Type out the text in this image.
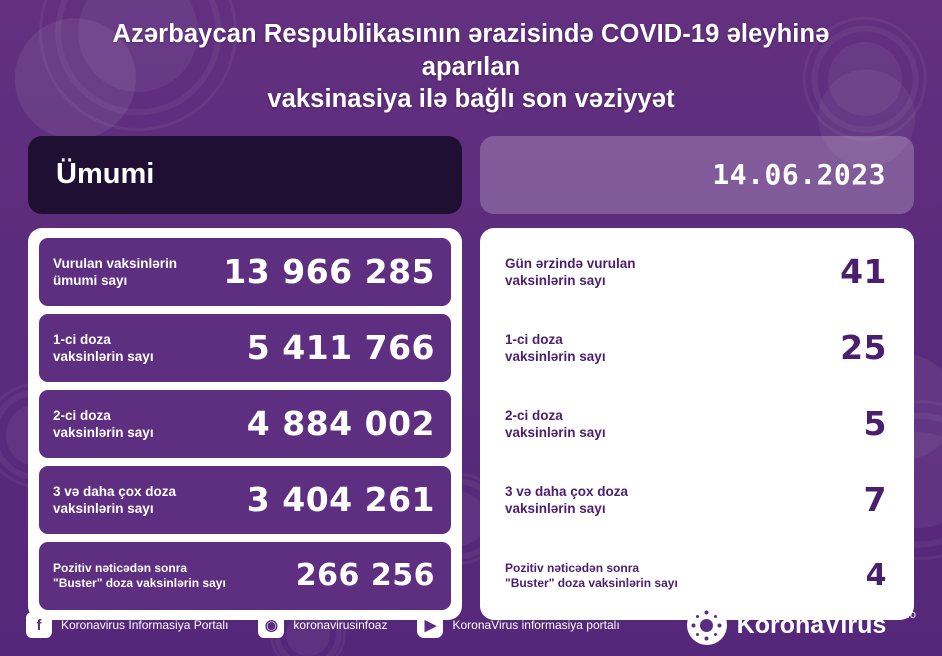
Azərbaycan Respublikasının ərazisində COVID-19 əleyhinə aparılan
vaksinasiya ilə bağlı son vəziyyət
Ümumi
Vurulan vaksinlərin
ümumi sayı	13 966 285
1-ci doza
vaksinlərin sayı	5 411 766
2-ci doza
vaksinlərin sayı	4 884 002
3 və daha çox doza
vaksinlərin sayı	3 404 261
Pozitiv nəticədən sonra
"Buster" doza vaksinlərin sayı 266 256
14.06.2023
Gün ərzində vurulan
vaksinlərin sayı	41
1-ci doza
vaksinlərin sayı	25
2-ci doza
vaksinlərin sayı	5
3 və daha çox doza
vaksinlərin sayı	7
Pozitiv nəticədən sonra
"Buster" doza vaksinlərin sayı	4
f	Koronavirus İnformasiya Portalı	◉	koronavirusinfoaz	▶	KoronaVirus informasiya portalı	KoronaVirus info
